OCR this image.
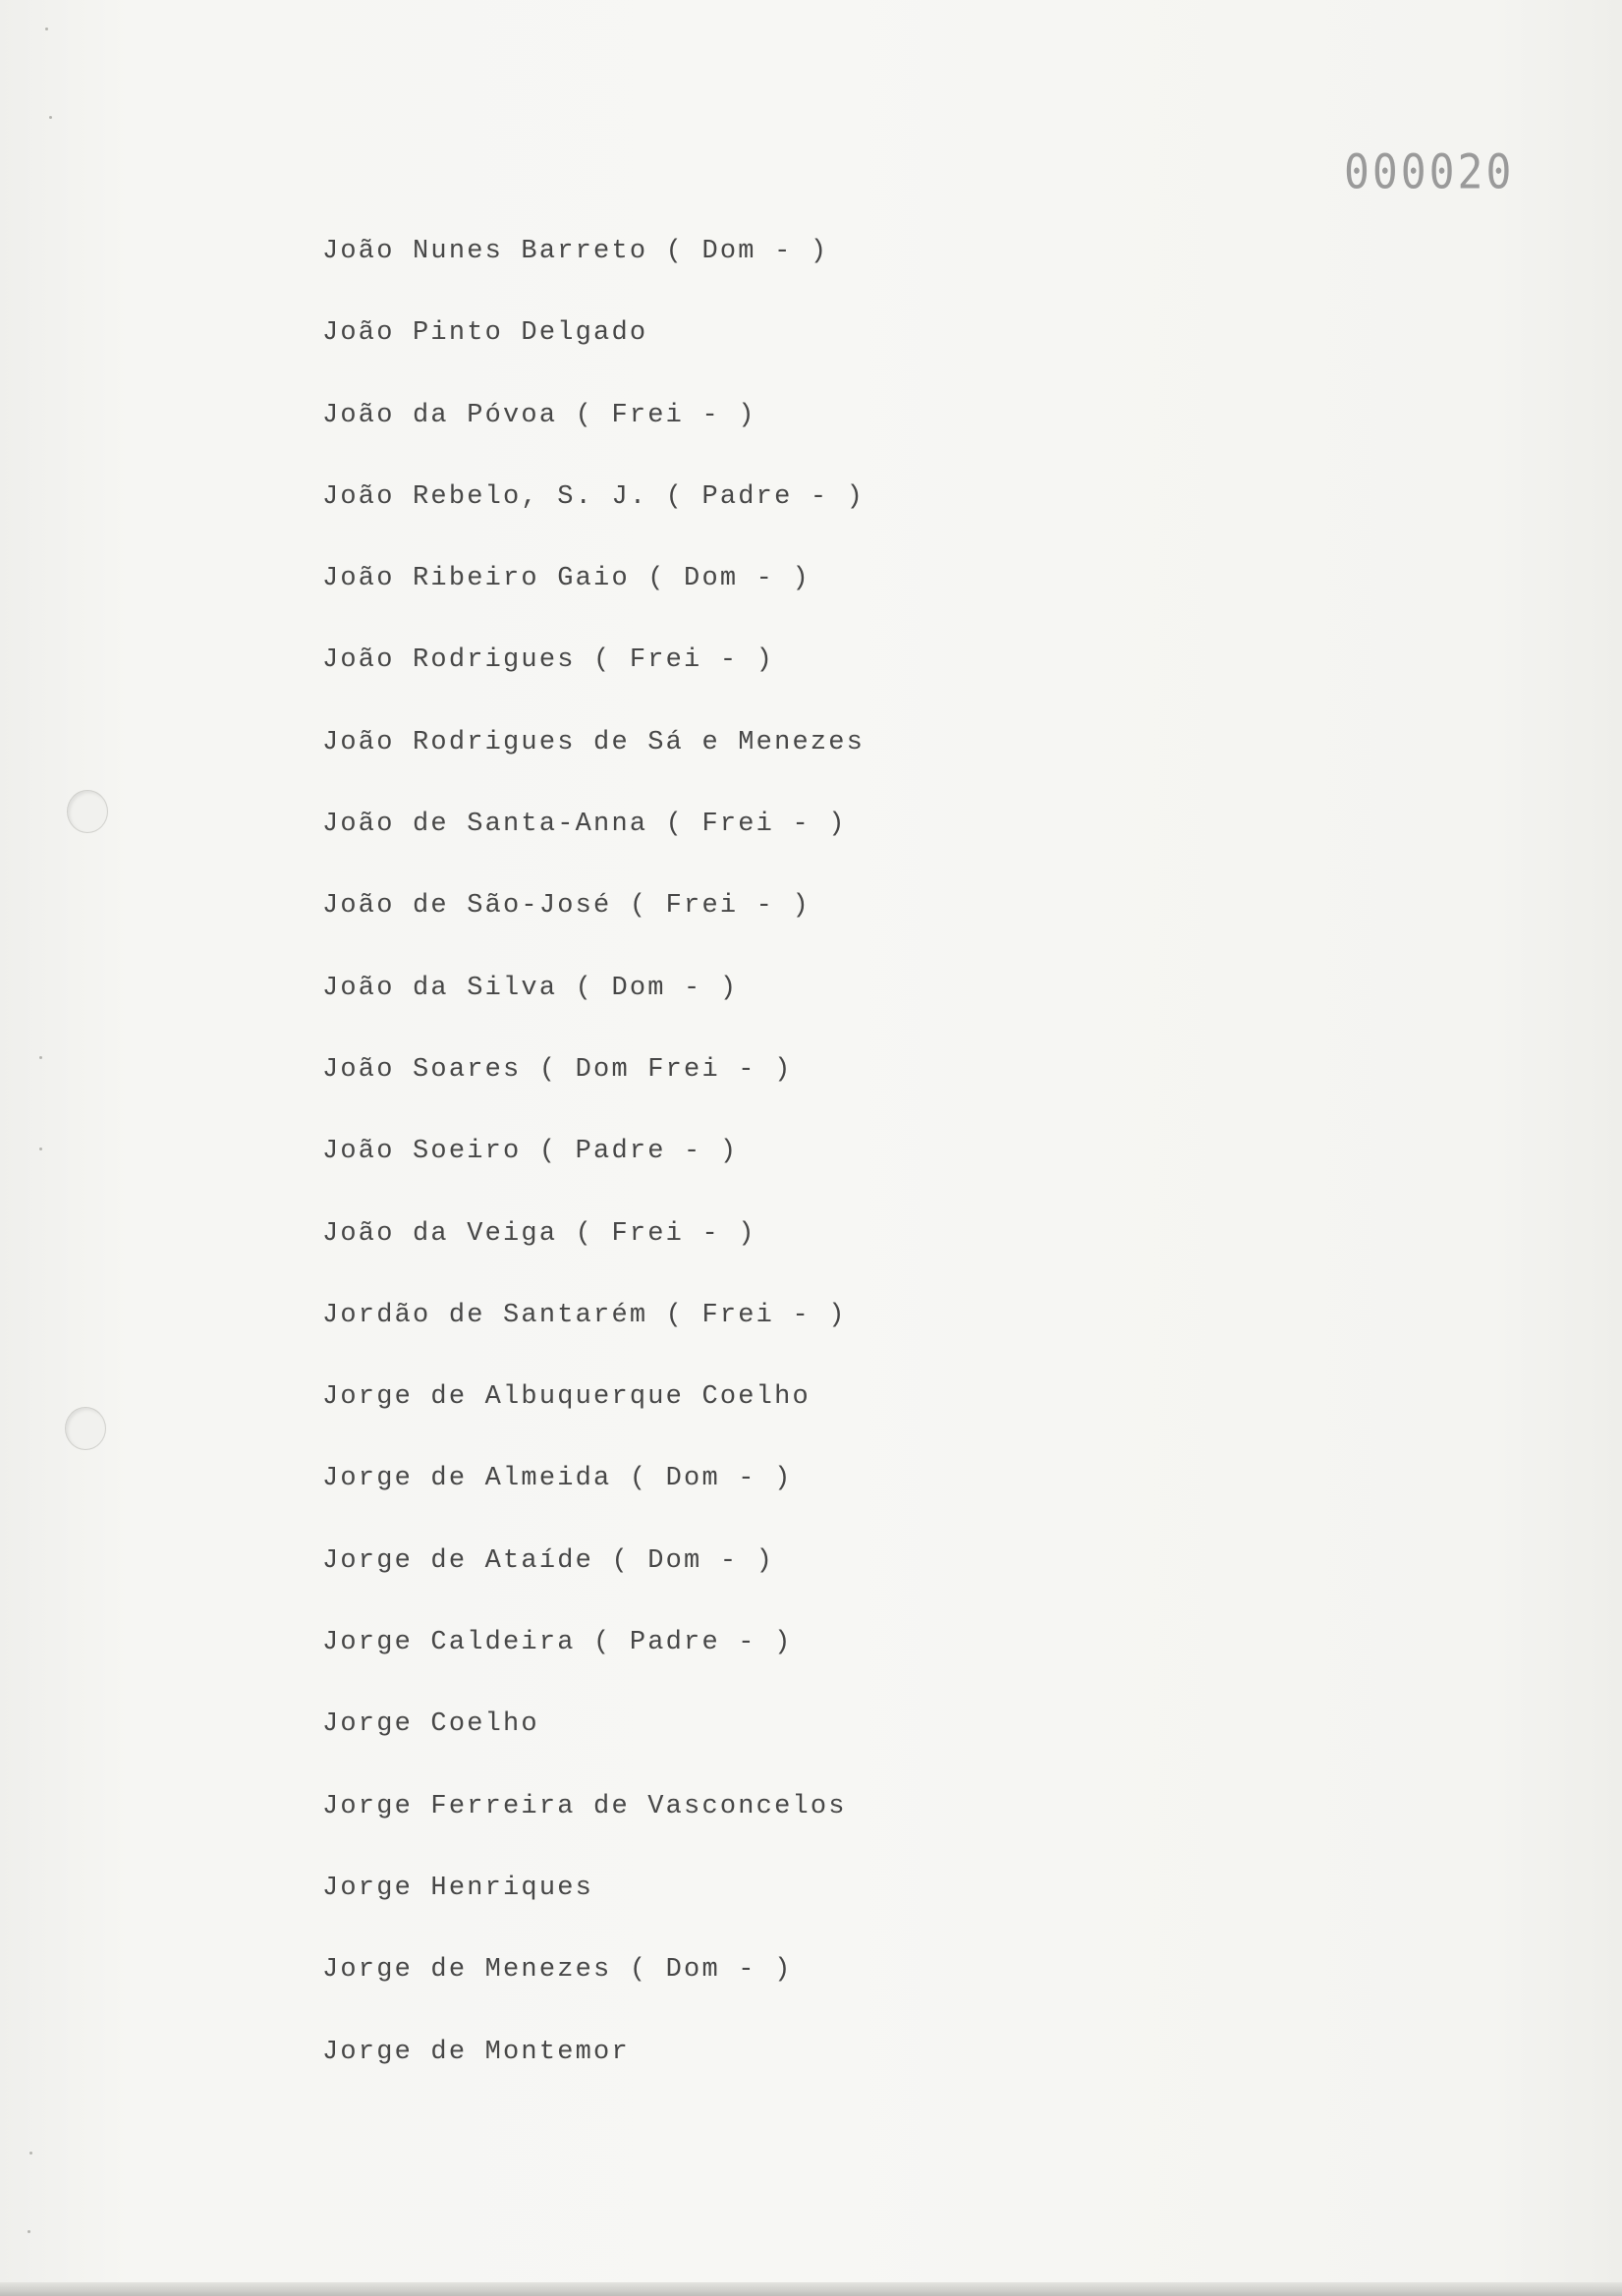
000020
João Nunes Barreto ( Dom - )
João Pinto Delgado
João da Póvoa ( Frei - )
João Rebelo, S. J. ( Padre - )
João Ribeiro Gaio ( Dom - )
João Rodrigues ( Frei - )
João Rodrigues de Sá e Menezes
João de Santa-Anna ( Frei - )
João de São-José ( Frei - )
João da Silva ( Dom - )
João Soares ( Dom Frei - )
João Soeiro ( Padre - )
João da Veiga ( Frei - )
Jordão de Santarém ( Frei - )
Jorge de Albuquerque Coelho
Jorge de Almeida ( Dom - )
Jorge de Ataíde ( Dom - )
Jorge Caldeira ( Padre - )
Jorge Coelho
Jorge Ferreira de Vasconcelos
Jorge Henriques
Jorge de Menezes ( Dom - )
Jorge de Montemor
